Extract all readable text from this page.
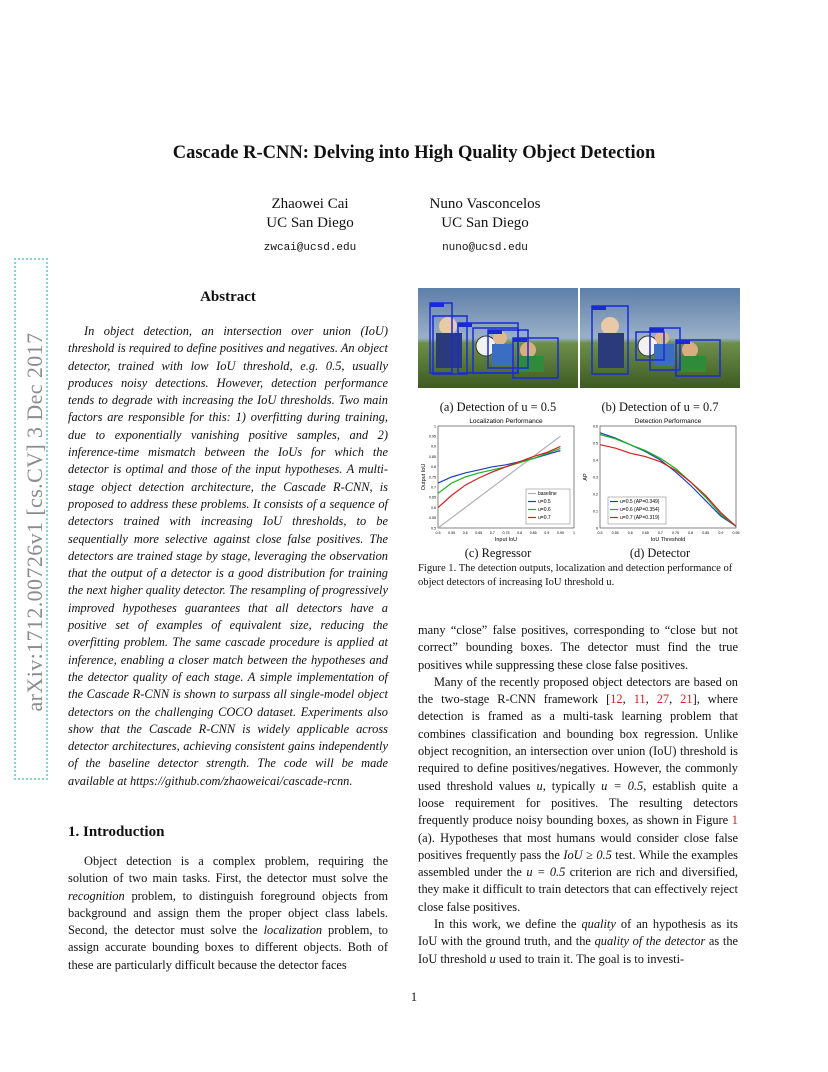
arXiv:1712.00726v1 [cs.CV] 3 Dec 2017
Cascade R-CNN: Delving into High Quality Object Detection
Zhaowei Cai
UC San Diego
zwcai@ucsd.edu
Nuno Vasconcelos
UC San Diego
nuno@ucsd.edu
Abstract
In object detection, an intersection over union (IoU) threshold is required to define positives and negatives. An object detector, trained with low IoU threshold, e.g. 0.5, usually produces noisy detections. However, detection performance tends to degrade with increasing the IoU thresholds. Two main factors are responsible for this: 1) overfitting during training, due to exponentially vanishing positive samples, and 2) inference-time mismatch between the IoUs for which the detector is optimal and those of the input hypotheses. A multi-stage object detection architecture, the Cascade R-CNN, is proposed to address these problems. It consists of a sequence of detectors trained with increasing IoU thresholds, to be sequentially more selective against close false positives. The detectors are trained stage by stage, leveraging the observation that the output of a detector is a good distribution for training the next higher quality detector. The resampling of progressively improved hypotheses guarantees that all detectors have a positive set of examples of equivalent size, reducing the overfitting problem. The same cascade procedure is applied at inference, enabling a closer match between the hypotheses and the detector quality of each stage. A simple implementation of the Cascade R-CNN is shown to surpass all single-model object detectors on the challenging COCO dataset. Experiments also show that the Cascade R-CNN is widely applicable across detector architectures, achieving consistent gains independently of the baseline detector strength. The code will be made available at https://github.com/zhaoweicai/cascade-rcnn.
1. Introduction
Object detection is a complex problem, requiring the solution of two main tasks. First, the detector must solve the recognition problem, to distinguish foreground objects from background and assign them the proper object class labels. Second, the detector must solve the localization problem, to assign accurate bounding boxes to different objects. Both of these are particularly difficult because the detector faces
(a) Detection of u = 0.5	(b) Detection of u = 0.7
Localization Performance
0.5 0.55 0.6 0.65 0.7 0.75 0.8 0.85 0.9 0.95	1
0.5
0.55
0.6
0.65
0.7
0.75
0.8
0.85
0.9
0.95
1
Input IoU
Output IoU
baseline
u=0.5
u=0.6
u=0.7
Detection Performance
0.5	0.55	0.6	0.65	0.7	0.75	0.8	0.85	0.9	0.95
0
0.1
0.2
0.3
0.4
0.5
0.6
IoU Threshold
AP
u=0.5 (AP=0.349)
u=0.6 (AP=0.354)
u=0.7 (AP=0.319)
(c) Regressor	(d) Detector
Figure 1. The detection outputs, localization and detection performance of object detectors of increasing IoU threshold u.

many “close” false positives, corresponding to “close but not correct” bounding boxes. The detector must find the true positives while suppressing these close false positives.

Many of the recently proposed object detectors are based on the two-stage R-CNN framework [12, 11, 27, 21], where detection is framed as a multi-task learning problem that combines classification and bounding box regression. Unlike object recognition, an intersection over union (IoU) threshold is required to define positives/negatives. However, the commonly used threshold values u, typically u = 0.5, establish quite a loose requirement for positives. The resulting detectors frequently produce noisy bounding boxes, as shown in Figure 1 (a). Hypotheses that most humans would consider close false positives frequently pass the IoU ≥ 0.5 test. While the examples assembled under the u = 0.5 criterion are rich and diversified, they make it difficult to train detectors that can effectively reject close false positives.

In this work, we define the quality of an hypothesis as its IoU with the ground truth, and the quality of the detector as the IoU threshold u used to train it. The goal is to investi-

1
